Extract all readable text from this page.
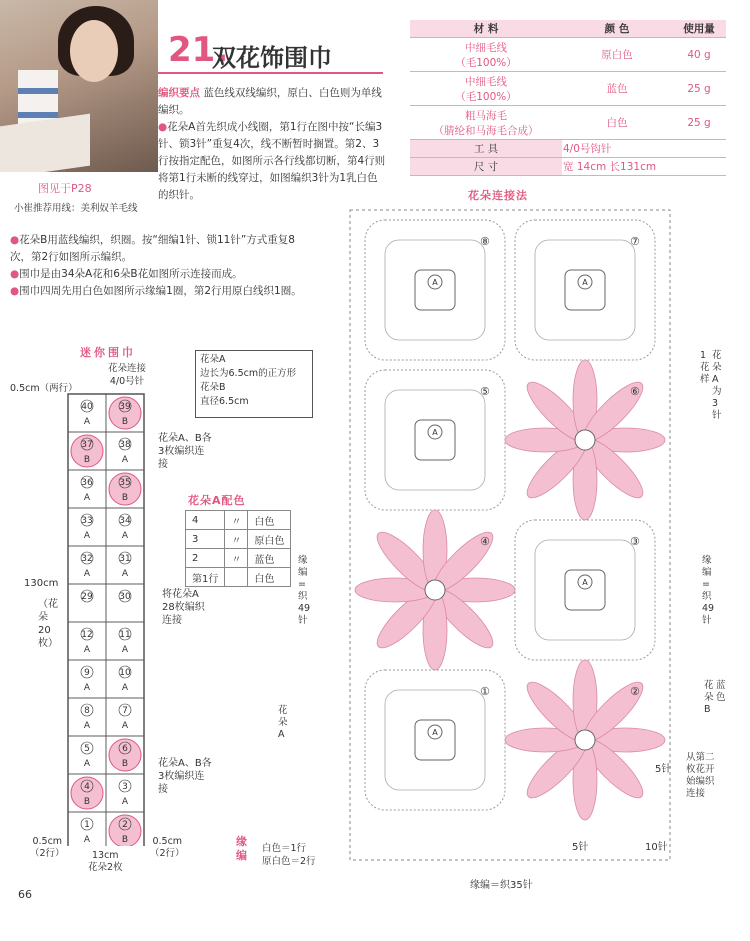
图见于P28
小崔推荐用线：美利奴羊毛线
21.
双花饰围巾
编织要点 蓝色线双线编织，原白、白色则为单线编织。
●花朵A首先织成小线圈，第1行在图中按“长编3针、锁3针”重复4次，线不断暂时搁置。第2、3行按指定配色，如图所示各行线都切断，第4行则将第1行未断的线穿过，如图编织3针为1乳白色的织针。
●花朵B用蓝线编织，织圈。按“细编1针、锁11针”方式重复8次，第2行如图所示编织。
●围巾是由34朵A花和6朵B花如图所示连接而成。
●围巾四周先用白色如图所示缘编1圈，第2行用原白线织1圈。
材 料	颜 色	使用量

中细毛线
（毛100%）	原白色	40 g

中细毛线
（毛100%）	蓝色	25 g

粗马海毛
（腈纶和马海毛合成）	白色	25 g
工 具	4/0号钩针	
尺 寸	宽 14cm 长131cm	
迷你围巾
花朵连接
4/0号针
0.5cm（两行）
130cm
（花朵20枚）
40
A
39
B
37
B
38
A
36
A
35
B
33
A
34
A
32
A
31
A
29	30
12
A
11
A
9
A
10
A
8
A
7
A
5
A
6
B
4
B
3
A
1
A
2
B
0.5cm
（2行）
0.5cm
（2行）
13cm
花朵2枚
花朵A、B各3枚编织连接
将花朵A 28枚编织连接
花朵A、B各3枚编织连接
花朵A
边长为6.5cm的正方形
花朵B
直径6.5cm
花朵A配色
4	〃	白色
3	〃	原白色
2	〃	蓝色
第1行		白色
花朵连接法
A
⑧
A
⑦
A
⑤	⑥
④
A
③
A
①	②
1花样
花朵A为3针
缘编=织49针
缘编=织49针
花朵B
蓝色
从第二枚花开始编织连接
花朵A
5针
5针	10针
缘编
白色＝1行
原白色＝2行
缘编＝织35针
66
